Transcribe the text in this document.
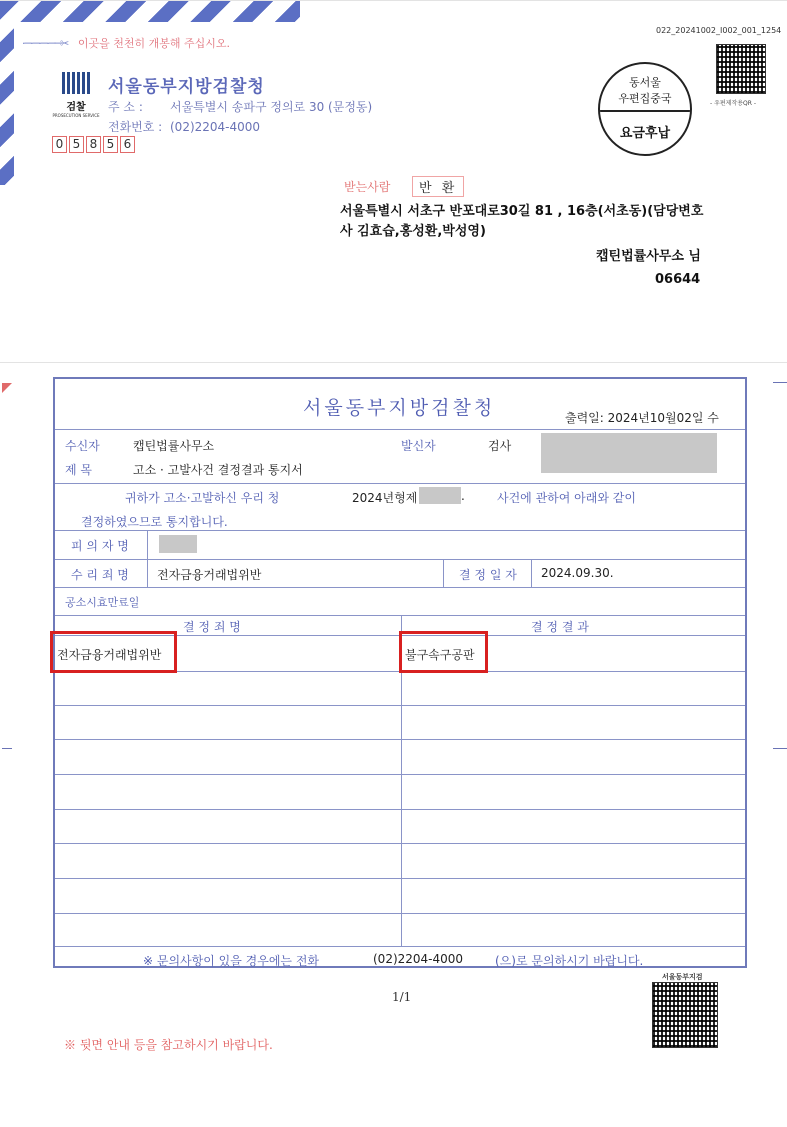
·─·─·─·──✂ 이곳을 천천히 개봉해 주십시오.
검찰
PROSECUTION SERVICE
서울동부지방검찰청
주 소 : 서울특별시 송파구 정의로 30 (문정동)
전화번호 : (02)2204-4000
0 5 8 5 6
022_20241002_I002_001_1254
동서울
우편집중국
요금후납
- 우편제작용QR -
받는사람	반 환
서울특별시 서초구 반포대로30길 81 , 16층(서초동)(담당변호사 김효습,홍성환,박성영)
캡틴법률사무소 님
06644
서울동부지방검찰청	출력일: 2024년10월02일 수
수신자	캡틴법률사무소	발신자	검사
제 목	고소 · 고발사건 결정결과 통지서
귀하가 고소·고발하신 우리 청	2024년형제	.	사건에 관하여 아래와 같이
결정하였으므로 통지합니다.
피 의 자 명
수 리 죄 명 전자금융거래법위반	결 정 일 자 2024.09.30.
공소시효만료일
결 정 죄 명	결 정 결 과
전자금융거래법위반	불구속구공판
※ 문의사항이 있을 경우에는 전화	(02)2204-4000	(으)로 문의하시기 바랍니다.
1/1
서울동부지검
※ 뒷면 안내 등을 참고하시기 바랍니다.
